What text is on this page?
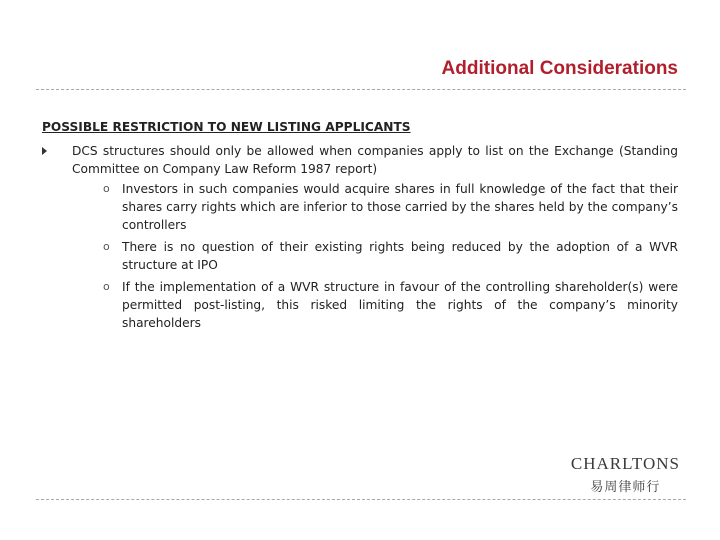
Additional Considerations
POSSIBLE RESTRICTION TO NEW LISTING APPLICANTS
DCS structures should only be allowed when companies apply to list on the Exchange (Standing Committee on Company Law Reform 1987 report)
o Investors in such companies would acquire shares in full knowledge of the fact that their shares carry rights which are inferior to those carried by the shares held by the company’s controllers
o There is no question of their existing rights being reduced by the adoption of a WVR structure at IPO
o If the implementation of a WVR structure in favour of the controlling shareholder(s) were permitted post-listing, this risked limiting the rights of the company’s minority shareholders
CHARLTONS
易周律师行
